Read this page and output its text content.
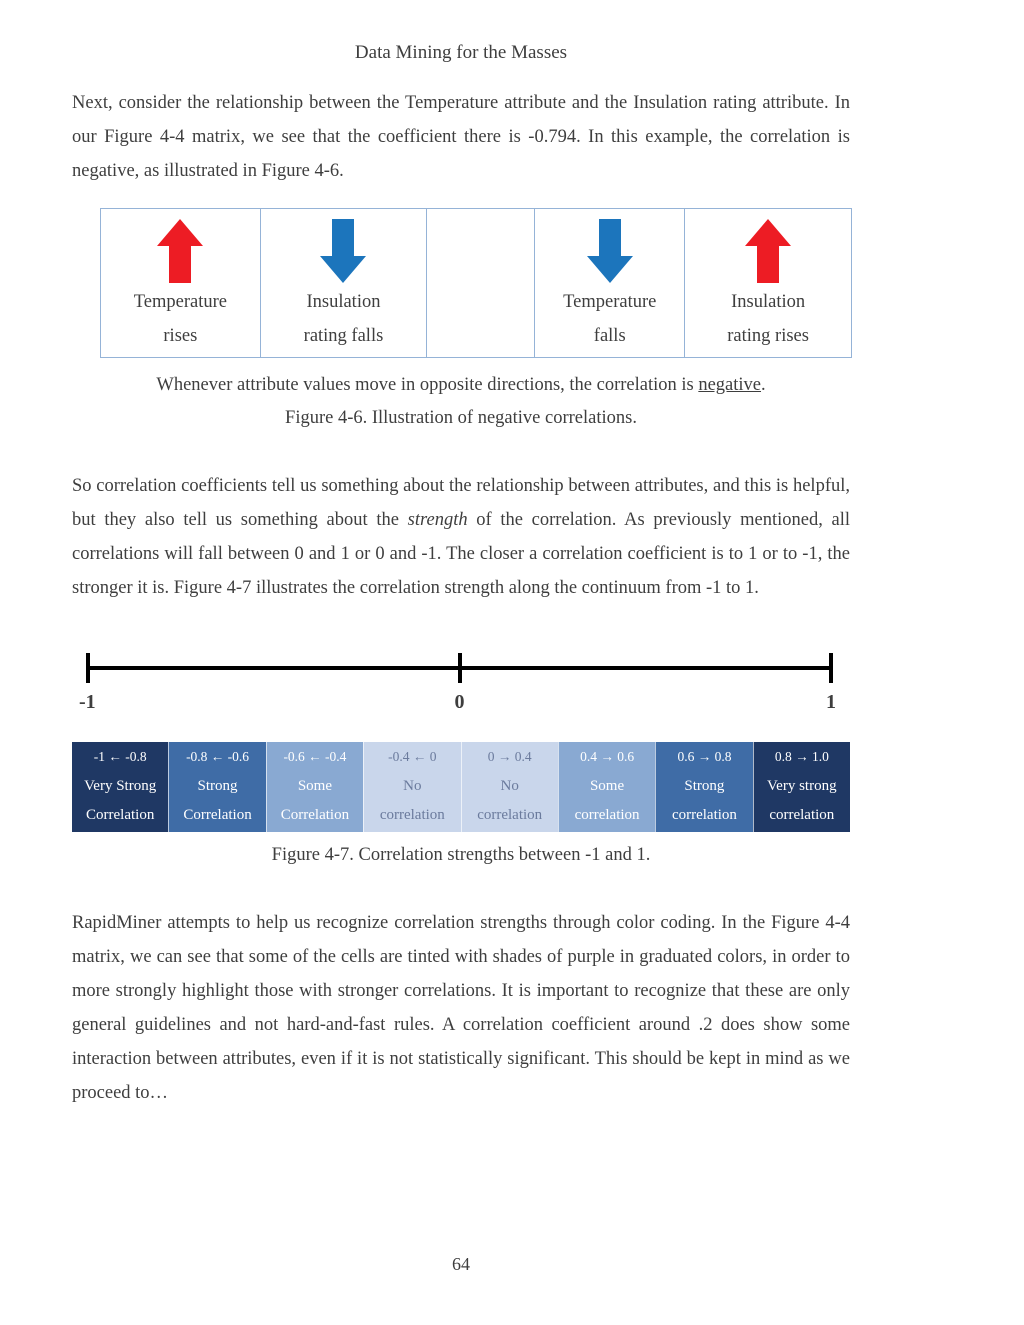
Data Mining for the Masses

Next, consider the relationship between the Temperature attribute and the Insulation rating attribute. In our Figure 4-4 matrix, we see that the coefficient there is -0.794. In this example, the correlation is negative, as illustrated in Figure 4-6.

Temperature
rises
Insulation
rating falls
Temperature
falls
Insulation
rating rises
Whenever attribute values move in opposite directions, the correlation is negative.
Figure 4-6. Illustration of negative correlations.

So correlation coefficients tell us something about the relationship between attributes, and this is helpful, but they also tell us something about the strength of the correlation. As previously mentioned, all correlations will fall between 0 and 1 or 0 and -1. The closer a correlation coefficient is to 1 or to -1, the stronger it is. Figure 4-7 illustrates the correlation strength along the continuum from -1 to 1.

-1	0	1
-1 ← -0.8
Very Strong
Correlation
-0.8 ← -0.6
Strong
Correlation
-0.6 ← -0.4
Some
Correlation
-0.4 ← 0
No
correlation
0 → 0.4
No
correlation
0.4 → 0.6
Some
correlation
0.6 → 0.8
Strong
correlation
0.8 → 1.0
Very strong
correlation
Figure 4-7. Correlation strengths between -1 and 1.

RapidMiner attempts to help us recognize correlation strengths through color coding. In the Figure 4-4 matrix, we can see that some of the cells are tinted with shades of purple in graduated colors, in order to more strongly highlight those with stronger correlations. It is important to recognize that these are only general guidelines and not hard-and-fast rules. A correlation coefficient around .2 does show some interaction between attributes, even if it is not statistically significant. This should be kept in mind as we proceed to…

64
